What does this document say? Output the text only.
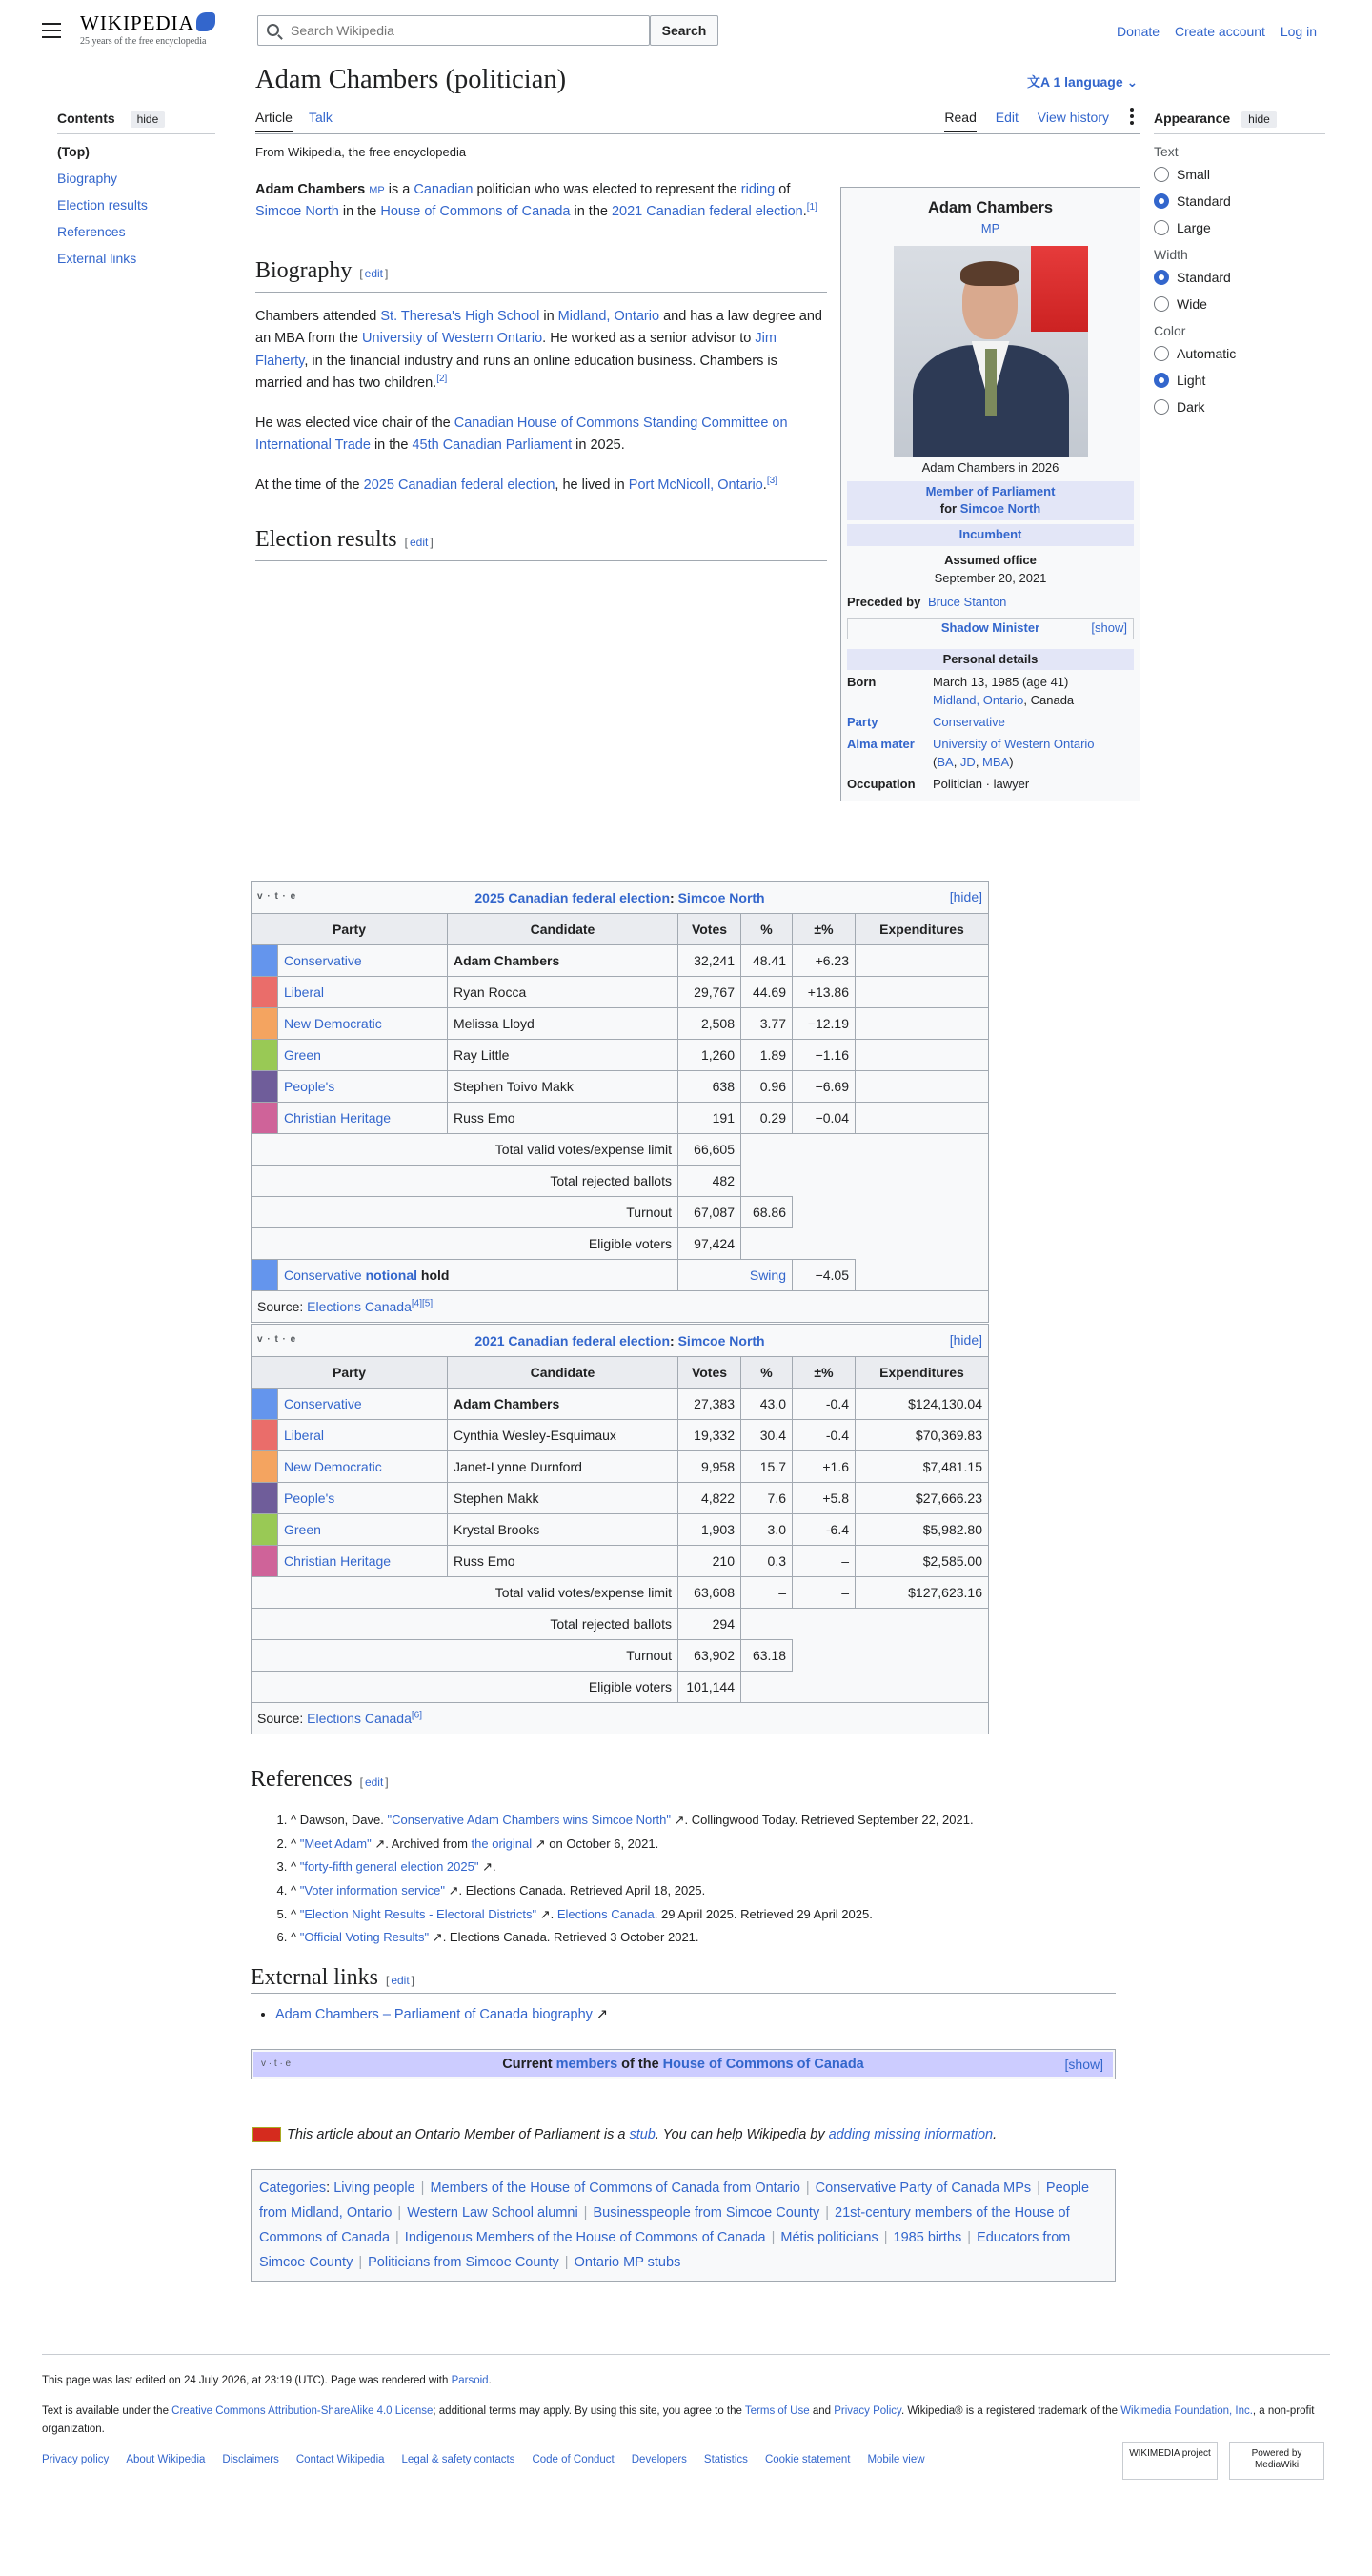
WIKIPEDIA
25 years of the free encyclopedia
Search Wikipedia
Search	Donate Create account Log in
Contents hide
(Top)
Biography
Election results
References
External links
Adam Chambers (politician)	文A 1 language ⌄
Article Talk	Read Edit View history
From Wikipedia, the free encyclopedia

Adam Chambers MP is a Canadian politician who was elected to represent the riding of Simcoe North in the House of Commons of Canada in the 2021 Canadian federal election.[1]

Biography [ edit ]

Chambers attended St. Theresa's High School in Midland, Ontario and has a law degree and an MBA from the University of Western Ontario. He worked as a senior advisor to Jim Flaherty, in the financial industry and runs an online education business. Chambers is married and has two children.[2]

He was elected vice chair of the Canadian House of Commons Standing Committee on International Trade in the 45th Canadian Parliament in 2025.

At the time of the 2025 Canadian federal election, he lived in Port McNicoll, Ontario.[3]

Election results [ edit ]
Adam Chambers
MP
Adam Chambers in 2026
Member of Parliament
for Simcoe North
Incumbent
Assumed office
September 20, 2021
Preceded by Bruce Stanton
Shadow Minister	[show]
Personal details
Born	March 13, 1985 (age 41)
Midland, Ontario, Canada
Party	Conservative
Alma mater	University of Western Ontario
(BA, JD, MBA)
Occupation	Politician · lawyer
Appearance hide
Text
Small
Standard
Large
Width
Standard
Wide
Color
Automatic
Light
Dark
v · t · e 2025 Canadian federal election: Simcoe North [hide]						

Party		Candidate	Votes	%	±%	Expenditures
	Conservative	Adam Chambers	32,241	48.41	+6.23	
	Liberal	Ryan Rocca	29,767	44.69	+13.86	
	New Democratic	Melissa Lloyd	2,508	3.77	−12.19	
	Green	Ray Little	1,260	1.89	−1.16	
	People's	Stephen Toivo Makk	638	0.96	−6.69	
	Christian Heritage	Russ Emo	191	0.29	−0.04	
Total valid votes/expense limit			66,605			
Total rejected ballots			482			
Turnout			67,087	68.86		
Eligible voters			97,424			
	Conservative notional hold		Swing		−4.05	
Source: Elections Canada[4][5]
v · t · e 2021 Canadian federal election: Simcoe North [hide]						

Party		Candidate	Votes	%	±%	Expenditures
	Conservative	Adam Chambers	27,383	43.0	-0.4	$124,130.04
	Liberal	Cynthia Wesley-Esquimaux	19,332	30.4	-0.4	$70,369.83
	New Democratic	Janet-Lynne Durnford	9,958	15.7	+1.6	$7,481.15
	People's	Stephen Makk	4,822	7.6	+5.8	$27,666.23
	Green	Krystal Brooks	1,903	3.0	-6.4	$5,982.80
	Christian Heritage	Russ Emo	210	0.3	–	$2,585.00
Total valid votes/expense limit			63,608	–	–	$127,623.16
Total rejected ballots			294			
Turnout			63,902	63.18		
Eligible voters			101,144			
Source: Elections Canada[6]
References [ edit ]
1. ^ Dawson, Dave. "Conservative Adam Chambers wins Simcoe North" ↗. Collingwood Today. Retrieved September 22, 2021.
2. ^ "Meet Adam" ↗. Archived from the original ↗ on October 6, 2021.
3. ^ "forty-fifth general election 2025" ↗.
4. ^ "Voter information service" ↗. Elections Canada. Retrieved April 18, 2025.
5. ^ "Election Night Results - Electoral Districts" ↗. Elections Canada. 29 April 2025. Retrieved 29 April 2025.
6. ^ "Official Voting Results" ↗. Elections Canada. Retrieved 3 October 2021.
External links [ edit ]
• Adam Chambers – Parliament of Canada biography ↗
v · t · e	Current members of the House of Commons of Canada	[show]
This article about an Ontario Member of Parliament is a stub. You can help Wikipedia by adding missing information.
Categories: Living people | Members of the House of Commons of Canada from Ontario | Conservative Party of Canada MPs | People from Midland, Ontario | Western Law School alumni | Businesspeople from Simcoe County | 21st-century members of the House of Commons of Canada | Indigenous Members of the House of Commons of Canada | Métis politicians | 1985 births | Educators from Simcoe County | Politicians from Simcoe County | Ontario MP stubs

This page was last edited on 24 July 2026, at 23:19 (UTC). Page was rendered with Parsoid.

Text is available under the Creative Commons Attribution-ShareAlike 4.0 License; additional terms may apply. By using this site, you agree to the Terms of Use and Privacy Policy. Wikipedia® is a registered trademark of the Wikimedia Foundation, Inc., a non-profit organization.

Privacy policy About Wikipedia Disclaimers Contact Wikipedia Legal & safety contacts Code of Conduct Developers Statistics Cookie statement Mobile view
WIKIMEDIA project	Powered by MediaWiki
